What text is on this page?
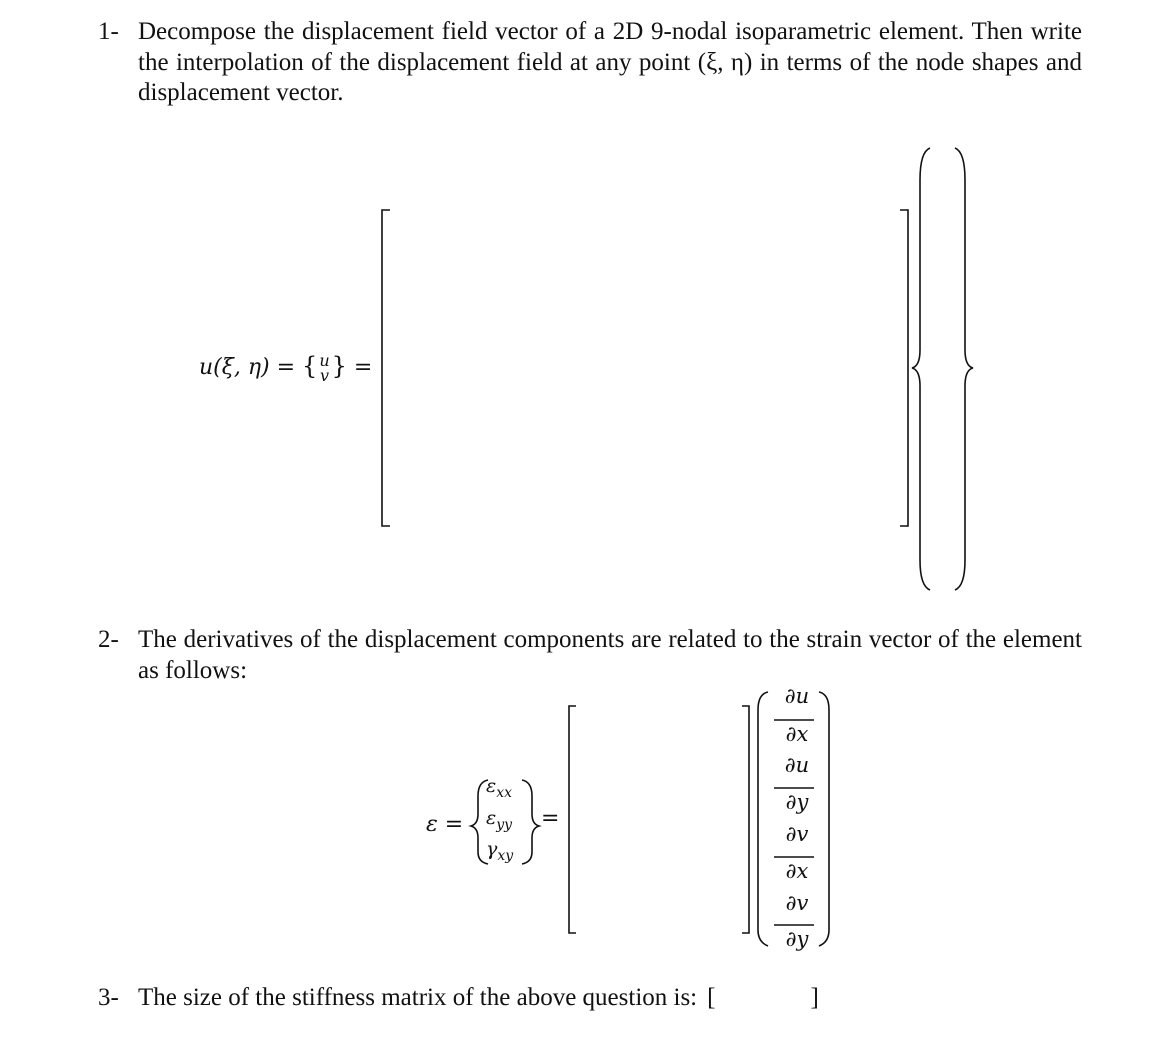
1- Decompose the displacement field vector of a 2D 9-nodal isoparametric element. Then write the interpolation of the displacement field at any point (ξ, η) in terms of the node shapes and displacement vector.
u(ξ, η) = { u
v } =
2- The derivatives of the displacement components are related to the strain vector of the element as follows:
ε =
$\varepsilon_{xx}$
$\varepsilon_{yy}$
$\gamma_{xy}$
=
∂u
∂x
∂u
∂y
∂v
∂x
∂v
∂y
3- The size of the stiffness matrix of the above question is: [	]
